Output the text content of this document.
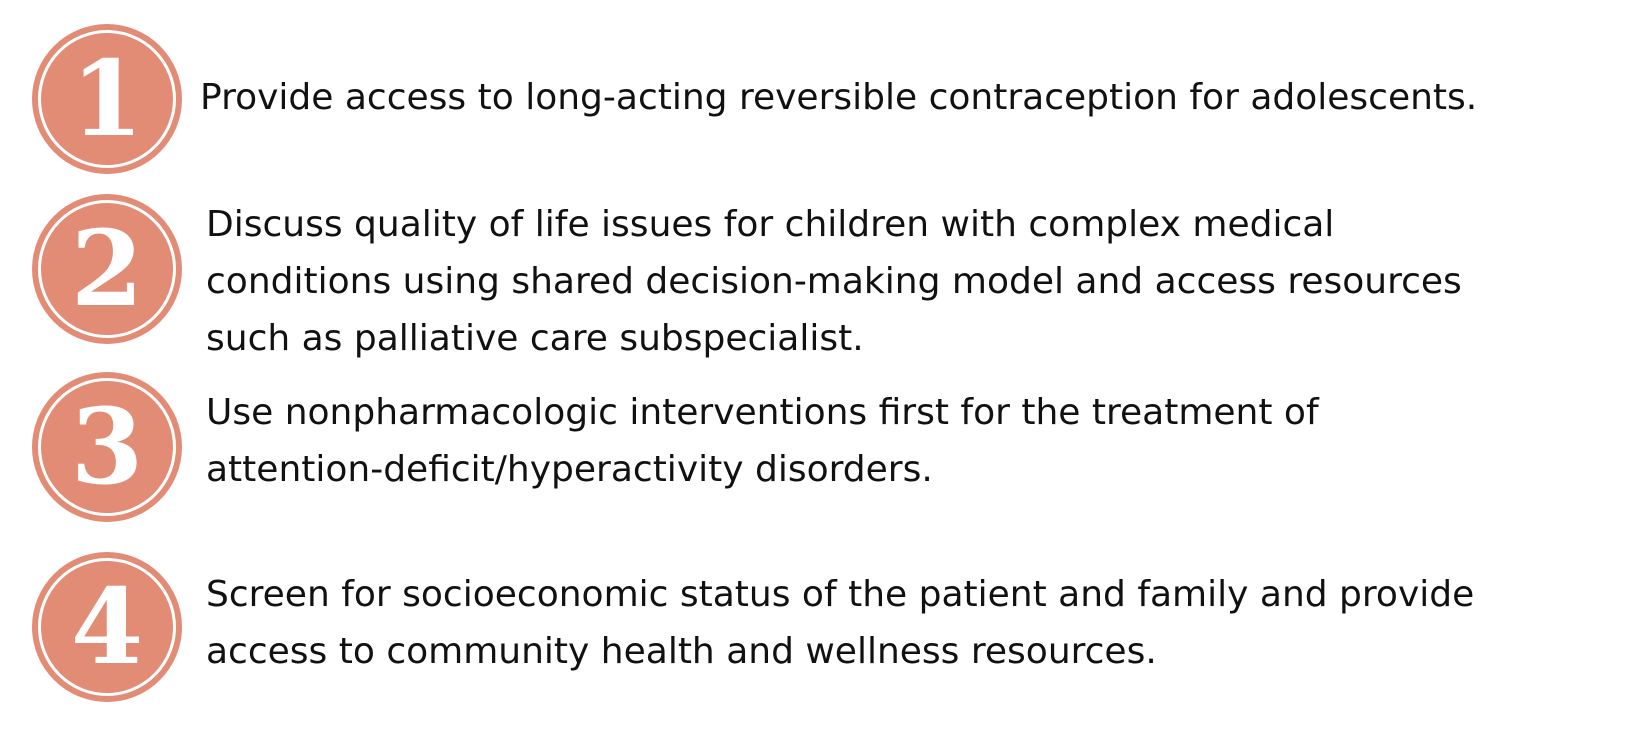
1	Provide access to long-acting reversible contraception for adolescents.
2	Discuss quality of life issues for children with complex medical
conditions using shared decision-making model and access resources
such as palliative care subspecialist.
3	Use nonpharmacologic interventions first for the treatment of
attention-deficit/hyperactivity disorders.
4	Screen for socioeconomic status of the patient and family and provide
access to community health and wellness resources.
